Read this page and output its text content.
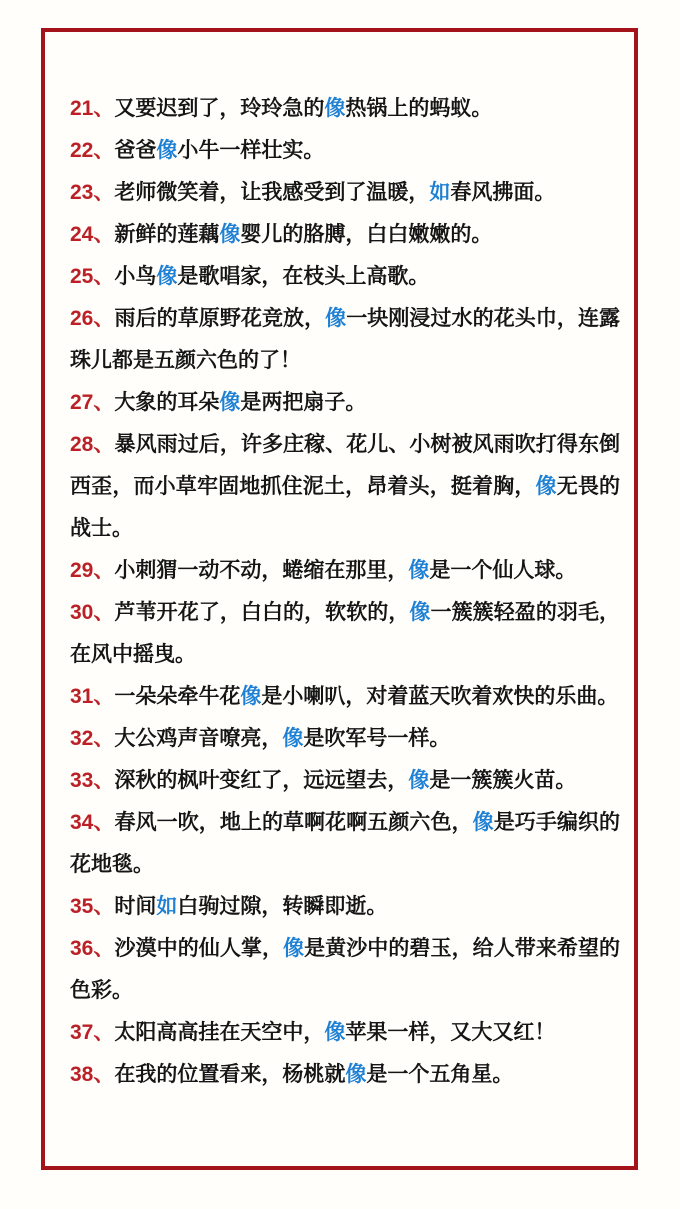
21、又要迟到了，玲玲急的像热锅上的蚂蚁。

22、爸爸像小牛一样壮实。

23、老师微笑着，让我感受到了温暖，如春风拂面。

24、新鲜的莲藕像婴儿的胳膊，白白嫩嫩的。

25、小鸟像是歌唱家，在枝头上高歌。

26、雨后的草原野花竞放，像一块刚浸过水的花头巾，连露珠儿都是五颜六色的了！

27、大象的耳朵像是两把扇子。

28、暴风雨过后，许多庄稼、花儿、小树被风雨吹打得东倒西歪，而小草牢固地抓住泥土，昂着头，挺着胸，像无畏的战士。

29、小刺猬一动不动，蜷缩在那里，像是一个仙人球。

30、芦苇开花了，白白的，软软的，像一簇簇轻盈的羽毛，在风中摇曳。

31、一朵朵牵牛花像是小喇叭，对着蓝天吹着欢快的乐曲。

32、大公鸡声音嘹亮，像是吹军号一样。

33、深秋的枫叶变红了，远远望去，像是一簇簇火苗。

34、春风一吹，地上的草啊花啊五颜六色，像是巧手编织的花地毯。

35、时间如白驹过隙，转瞬即逝。

36、沙漠中的仙人掌，像是黄沙中的碧玉，给人带来希望的色彩。

37、太阳高高挂在天空中，像苹果一样，又大又红！

38、在我的位置看来，杨桃就像是一个五角星。
